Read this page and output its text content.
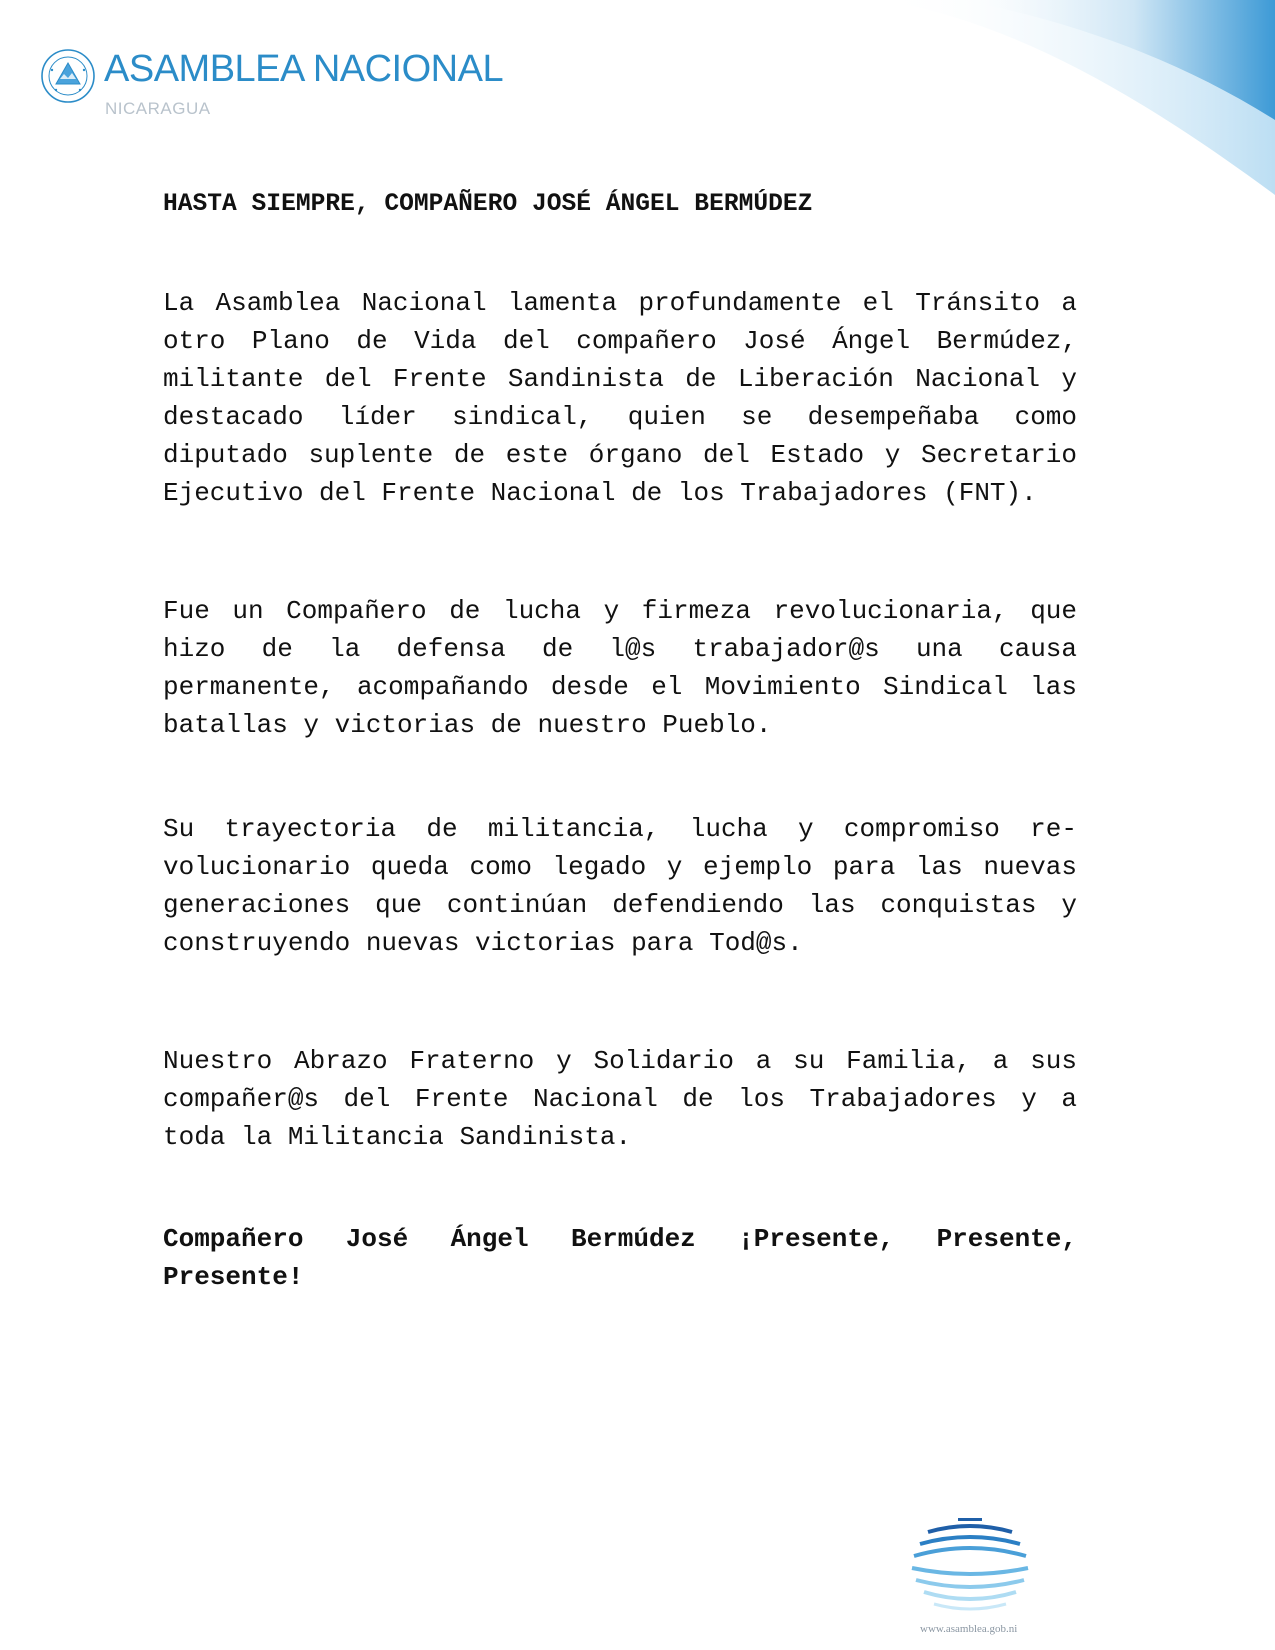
ASAMBLEA NACIONAL
NICARAGUA
HASTA SIEMPRE, COMPAÑERO JOSÉ ÁNGEL BERMÚDEZ

La Asamblea Nacional lamenta profundamente el Tránsito a otro Plano de Vida del compañero José Ángel Bermúdez, militante del Frente Sandinista de Liberación Nacional y destacado líder sindical, quien se desempeñaba como diputado suplente de este órgano del Estado y Secretario Ejecutivo del Frente Nacional de los Trabajadores (FNT).

Fue un Compañero de lucha y firmeza revolucionaria, que hizo de la defensa de l@s trabajador@s una causa permanente, acompañando desde el Movimiento Sindical las batallas y victorias de nuestro Pueblo.

Su trayectoria de militancia, lucha y compromiso revolucionario queda como legado y ejemplo para las nuevas generaciones que continúan defendiendo las conquistas y construyendo nuevas victorias para Tod@s.

Nuestro Abrazo Fraterno y Solidario a su Familia, a sus compañer@s del Frente Nacional de los Trabajadores y a toda la Militancia Sandinista.

Compañero José Ángel Bermúdez ¡Presente, Presente, Presente!

www.asamblea.gob.ni
